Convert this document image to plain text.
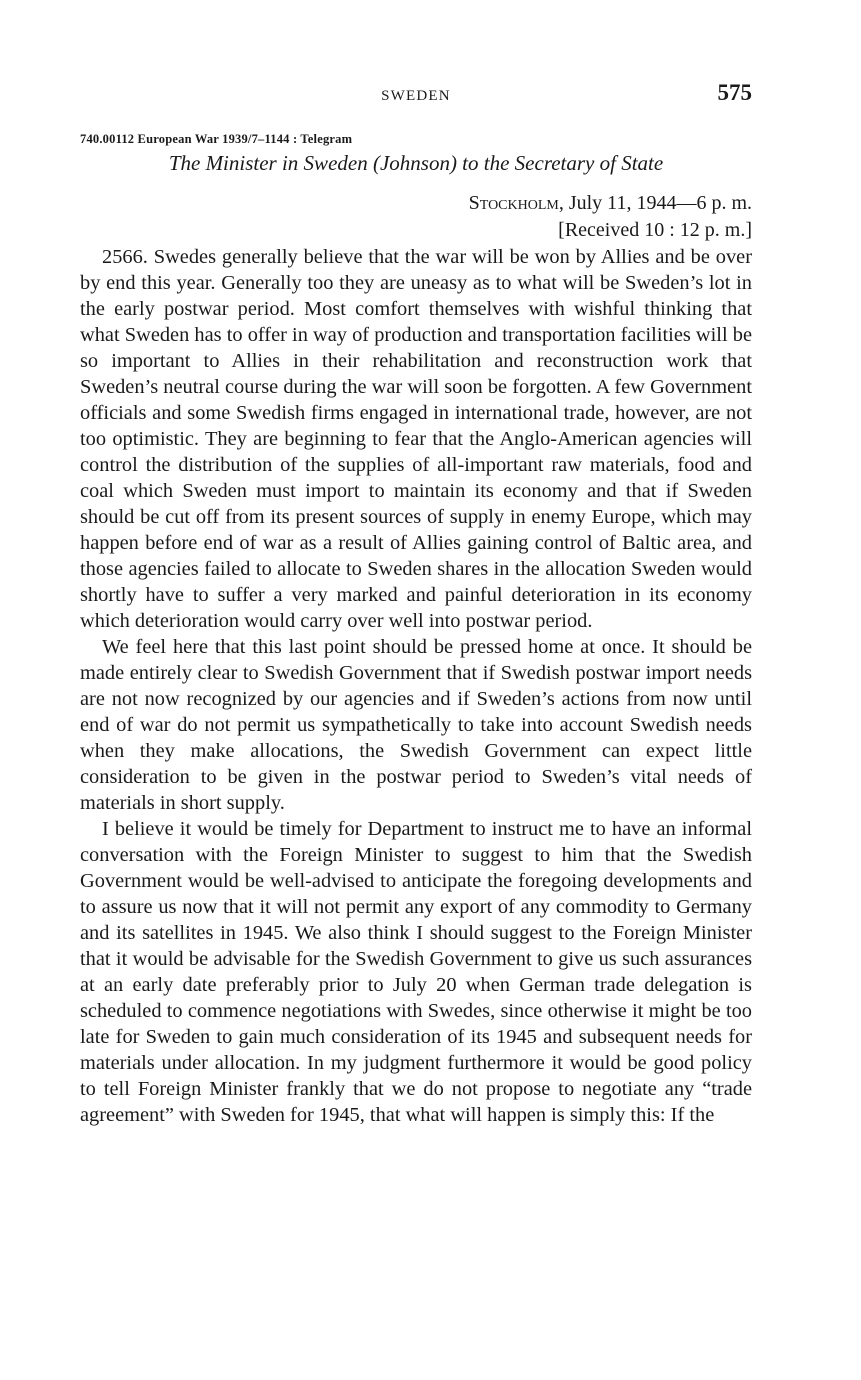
SWEDEN	575
740.00112 European War 1939/7–1144 : Telegram
The Minister in Sweden (Johnson) to the Secretary of State
Stockholm, July 11, 1944—6 p. m.
[Received 10 : 12 p. m.]

2566. Swedes generally believe that the war will be won by Allies and be over by end this year. Generally too they are uneasy as to what will be Sweden’s lot in the early postwar period. Most comfort themselves with wishful thinking that what Sweden has to offer in way of production and transportation facilities will be so important to Allies in their rehabilitation and reconstruction work that Sweden’s neutral course during the war will soon be forgotten. A few Government officials and some Swedish firms engaged in international trade, however, are not too optimistic. They are beginning to fear that the Anglo-American agencies will control the distribution of the supplies of all-important raw materials, food and coal which Sweden must import to maintain its economy and that if Sweden should be cut off from its present sources of supply in enemy Europe, which may happen before end of war as a result of Allies gaining control of Baltic area, and those agencies failed to allocate to Sweden shares in the allocation Sweden would shortly have to suffer a very marked and painful deterioration in its economy which deterioration would carry over well into postwar period.

We feel here that this last point should be pressed home at once. It should be made entirely clear to Swedish Government that if Swedish postwar import needs are not now recognized by our agencies and if Sweden’s actions from now until end of war do not permit us sympathetically to take into account Swedish needs when they make allocations, the Swedish Government can expect little consideration to be given in the postwar period to Sweden’s vital needs of materials in short supply.

I believe it would be timely for Department to instruct me to have an informal conversation with the Foreign Minister to suggest to him that the Swedish Government would be well-advised to anticipate the foregoing developments and to assure us now that it will not permit any export of any commodity to Germany and its satellites in 1945. We also think I should suggest to the Foreign Minister that it would be advisable for the Swedish Government to give us such assurances at an early date preferably prior to July 20 when German trade delegation is scheduled to commence negotiations with Swedes, since otherwise it might be too late for Sweden to gain much consideration of its 1945 and subsequent needs for materials under allocation. In my judgment furthermore it would be good policy to tell Foreign Minister frankly that we do not propose to negotiate any “trade agreement” with Sweden for 1945, that what will happen is simply this: If the
